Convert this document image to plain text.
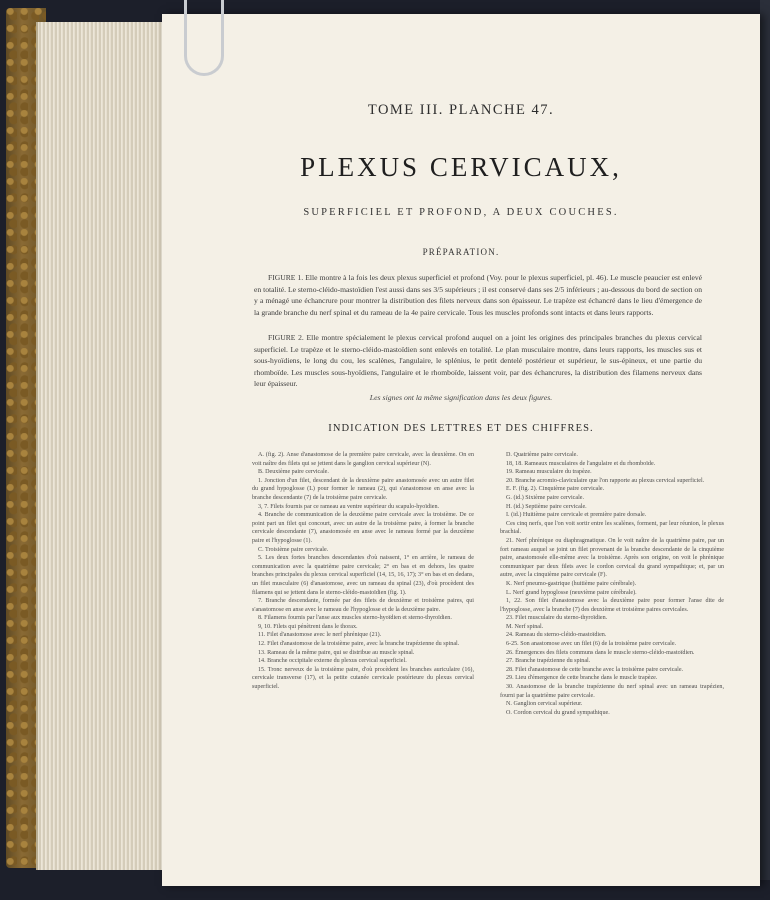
TOME III. PLANCHE 47.
PLEXUS CERVICAUX,
SUPERFICIEL ET PROFOND, A DEUX COUCHES.
PRÉPARATION.
FIGURE 1. Elle montre à la fois les deux plexus superficiel et profond (Voy. pour le plexus superficiel, pl. 46). Le muscle peaucier est enlevé en totalité. Le sterno-cléido-mastoïdien l'est aussi dans ses 3/5 supérieurs ; il est conservé dans ses 2/5 inférieurs ; au-dessous du bord de section on y a ménagé une échancrure pour montrer la distribution des filets nerveux dans son épaisseur. Le trapèze est échancré dans le lieu d'émergence de la grande branche du nerf spinal et du rameau de la 4e paire cervicale. Tous les muscles profonds sont intacts et dans leurs rapports.
FIGURE 2. Elle montre spécialement le plexus cervical profond auquel on a joint les origines des principales branches du plexus cervical superficiel. Le trapèze et le sterno-cléido-mastoïdien sont enlevés en totalité. Le plan musculaire montre, dans leurs rapports, les muscles sus et sous-hyoïdiens, le long du cou, les scalènes, l'angulaire, le splénius, le petit dentelé postérieur et supérieur, le sus-épineux, et une partie du rhomboïde. Les muscles sous-hyoïdiens, l'angulaire et le rhomboïde, laissent voir, par des échancrures, la distribution des filamens nerveux dans leur épaisseur.
Les signes ont la même signification dans les deux figures.
INDICATION DES LETTRES ET DES CHIFFRES.

A. (fig. 2). Anse d'anastomose de la première paire cervicale, avec la deuxième. On en voit naître des filets qui se jettent dans le ganglion cervical supérieur (N).

B. Deuxième paire cervicale.

1. Jonction d'un filet, descendant de la deuxième paire anastomosée avec un autre filet du grand hypoglosse (L) pour former le rameau (2), qui s'anastomose en anse avec la branche descendante (7) de la troisième paire cervicale.

3, 7. Filets fournis par ce rameau au ventre supérieur du scapulo-hyoïdien.

4. Branche de communication de la deuxième paire cervicale avec la troisième. De ce point part un filet qui concourt, avec un autre de la troisième paire, à former la branche cervicale descendante (7), anastomosée en anse avec le rameau formé par la deuxième paire et l'hypoglosse (1).

C. Troisième paire cervicale.

5. Les deux fortes branches descendantes d'où naissent, 1° en arrière, le rameau de communication avec la quatrième paire cervicale; 2° en bas et en dehors, les quatre branches principales du plexus cervical superficiel (14, 15, 16, 17); 3° en bas et en dedans, un filet musculaire (6) d'anastomose, avec un rameau du spinal (23), d'où procèdent des filamens qui se jettent dans le sterno-cléido-mastoïdien (fig. 1).

7. Branche descendante, formée par des filets de deuxième et troisième paires, qui s'anastomose en anse avec le rameau de l'hypoglosse et de la deuxième paire.

8. Filamens fournis par l'anse aux muscles sterno-hyoïdien et sterno-thyroïdien.

9, 10. Filets qui pénètrent dans le thorax.

11. Filet d'anastomose avec le nerf phrénique (21).

12. Filet d'anastomose de la troisième paire, avec la branche trapézienne du spinal.

13. Rameau de la même paire, qui se distribue au muscle spinal.

14. Branche occipitale externe du plexus cervical superficiel.

15. Tronc nerveux de la troisième paire, d'où procèdent les branches auriculaire (16), cervicale transverse (17), et la petite cutanée cervicale postérieure du plexus cervical superficiel.

D. Quatrième paire cervicale.

18, 18. Rameaux musculaires de l'angulaire et du rhomboïde.

19. Rameau musculaire du trapèze.

20. Branche acromio-claviculaire que l'on rapporte au plexus cervical superficiel.

E. F. (fig. 2). Cinquième paire cervicale.

G. (id.) Sixième paire cervicale.

H. (id.) Septième paire cervicale.

I. (id.) Huitième paire cervicale et première paire dorsale.

Ces cinq nerfs, que l'on voit sortir entre les scalènes, forment, par leur réunion, le plexus brachial.

21. Nerf phrénique ou diaphragmatique. On le voit naître de la quatrième paire, par un fort rameau auquel se joint un filet provenant de la branche descendante de la cinquième paire, anastomosée elle-même avec la troisième. Après son origine, on voit le phrénique communiquer par deux filets avec le cordon cervical du grand sympathique; et, par un autre, avec la cinquième paire cervicale (F).

K. Nerf pneumo-gastrique (huitième paire cérébrale).

L. Nerf grand hypoglosse (neuvième paire cérébrale).

1, 22. Son filet d'anastomose avec la deuxième paire pour former l'anse dite de l'hypoglosse, avec la branche (7) des deuxième et troisième paires cervicales.

23. Filet musculaire du sterno-thyroïdien.

M. Nerf spinal.

24. Rameau du sterno-cléido-mastoïdien.

6-25. Son anastomose avec un filet (6) de la troisième paire cervicale.

26. Émergences des filets communs dans le muscle sterno-cléido-mastoïdien.

27. Branche trapézienne du spinal.

28. Filet d'anastomose de cette branche avec la troisième paire cervicale.

29. Lieu d'émergence de cette branche dans le muscle trapèze.

30. Anastomose de la branche trapézienne du nerf spinal avec un rameau trapézien, fourni par la quatrième paire cervicale.

N. Ganglion cervical supérieur.

O. Cordon cervical du grand sympathique.
